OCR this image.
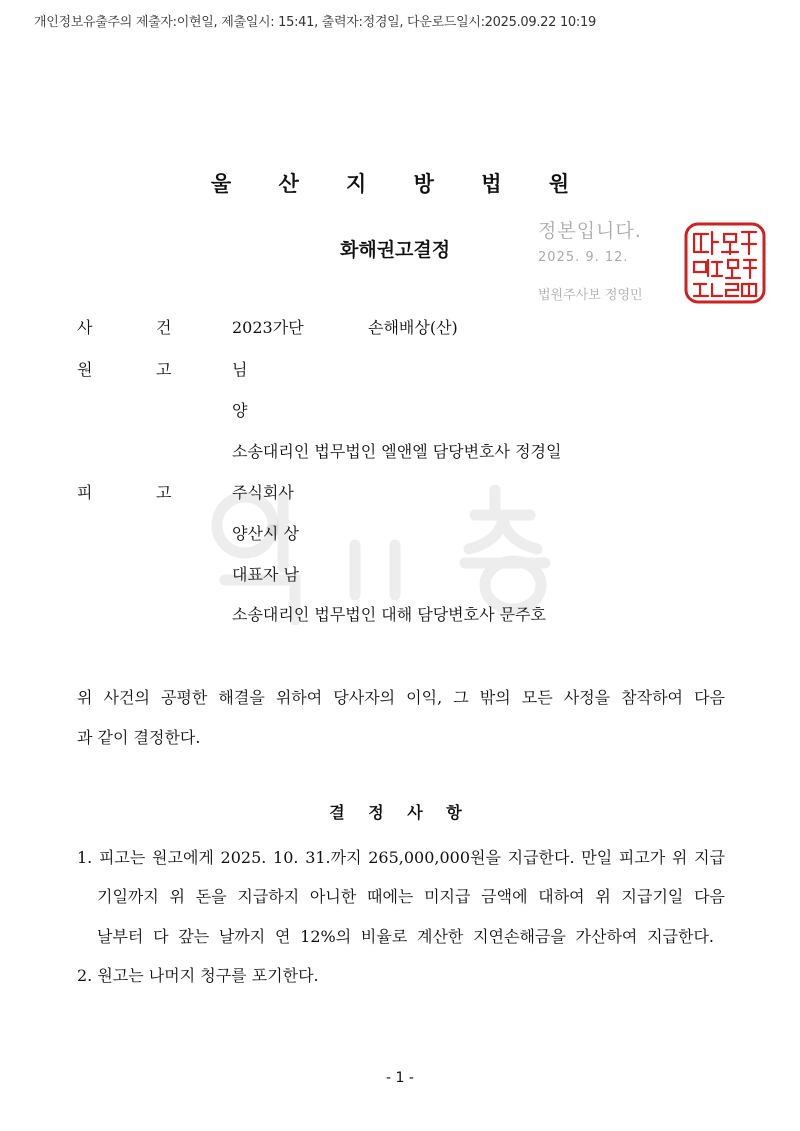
개인정보유출주의 제출자:이현일, 제출일시: 15:41, 출력자:정경일, 다운로드일시:2025.09.22 10:19
울 산 지 방 법 원
화해권고결정
정본입니다.
2025. 9. 12.
법원주사보 정영민
사	건	2023가단	손해배상(산)
원	고	님
양
소송대리인 법무법인 엘앤엘 담당변호사 정경일
피	고	주식회사
양산시 상
대표자 남
소송대리인 법무법인 대해 담당변호사 문주호
위 사건의 공평한 해결을 위하여 당사자의 이익, 그 밖의 모든 사정을 참작하여 다음
과 같이 결정한다.
결 정 사 항
1. 피고는 원고에게 2025. 10. 31.까지 265,000,000원을 지급한다. 만일 피고가 위 지급
기일까지 위 돈을 지급하지 아니한 때에는 미지급 금액에 대하여 위 지급기일 다음
날부터 다 갚는 날까지 연 12%의 비율로 계산한 지연손해금을 가산하여 지급한다.
2. 원고는 나머지 청구를 포기한다.
- 1 -
